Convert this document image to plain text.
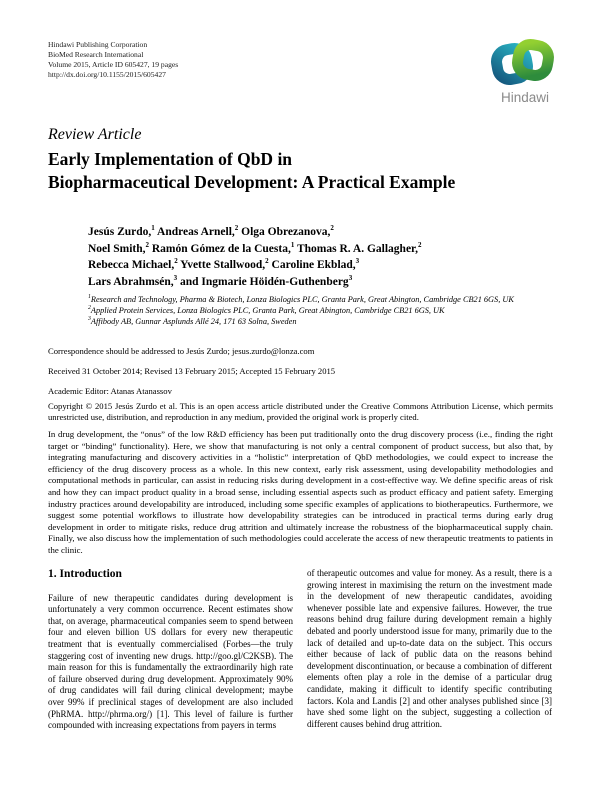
Hindawi Publishing Corporation
BioMed Research International
Volume 2015, Article ID 605427, 19 pages
http://dx.doi.org/10.1155/2015/605427
Hindawi
Review Article
Early Implementation of QbD in
Biopharmaceutical Development: A Practical Example
Jesús Zurdo,$^1$ Andreas Arnell,$^2$ Olga Obrezanova,$^2$
Noel Smith,$^2$ Ramón Gómez de la Cuesta,$^1$ Thomas R. A. Gallagher,$^2$
Rebecca Michael,$^2$ Yvette Stallwood,$^2$ Caroline Ekblad,$^3$
Lars Abrahmsén,$^3$ and Ingmarie Höidén-Guthenberg$^3$
$^1$Research and Technology, Pharma & Biotech, Lonza Biologics PLC, Granta Park, Great Abington, Cambridge CB21 6GS, UK
$^2$Applied Protein Services, Lonza Biologics PLC, Granta Park, Great Abington, Cambridge CB21 6GS, UK
$^3$Affibody AB, Gunnar Asplunds Allé 24, 171 63 Solna, Sweden
Correspondence should be addressed to Jesús Zurdo; jesus.zurdo@lonza.com
Received 31 October 2014; Revised 13 February 2015; Accepted 15 February 2015
Academic Editor: Atanas Atanassov
Copyright © 2015 Jesús Zurdo et al. This is an open access article distributed under the Creative Commons Attribution License, which permits unrestricted use, distribution, and reproduction in any medium, provided the original work is properly cited.
In drug development, the “onus” of the low R&D efficiency has been put traditionally onto the drug discovery process (i.e., finding the right target or “binding” functionality). Here, we show that manufacturing is not only a central component of product success, but also that, by integrating manufacturing and discovery activities in a “holistic” interpretation of QbD methodologies, we could expect to increase the efficiency of the drug discovery process as a whole. In this new context, early risk assessment, using developability methodologies and computational methods in particular, can assist in reducing risks during development in a cost-effective way. We define specific areas of risk and how they can impact product quality in a broad sense, including essential aspects such as product efficacy and patient safety. Emerging industry practices around developability are introduced, including some specific examples of applications to biotherapeutics. Furthermore, we suggest some potential workflows to illustrate how developability strategies can be introduced in practical terms during early drug development in order to mitigate risks, reduce drug attrition and ultimately increase the robustness of the biopharmaceutical supply chain. Finally, we also discuss how the implementation of such methodologies could accelerate the access of new therapeutic treatments to patients in the clinic.
1. Introduction
Failure of new therapeutic candidates during development is unfortunately a very common occurrence. Recent estimates show that, on average, pharmaceutical companies seem to spend between four and eleven billion US dollars for every new therapeutic treatment that is eventually commercialised (Forbes—the truly staggering cost of inventing new drugs. http://goo.gl/C2KSB). The main reason for this is fundamentally the extraordinarily high rate of failure observed during drug development. Approximately 90% of drug candidates will fail during clinical development; maybe over 99% if preclinical stages of development are also included (PhRMA. http://phrma.org/) [1]. This level of failure is further compounded with increasing expectations from payers in terms
of therapeutic outcomes and value for money. As a result, there is a growing interest in maximising the return on the investment made in the development of new therapeutic candidates, avoiding whenever possible late and expensive failures. However, the true reasons behind drug failure during development remain a highly debated and poorly understood issue for many, primarily due to the lack of detailed and up-to-date data on the subject. This occurs either because of lack of public data on the reasons behind development discontinuation, or because a combination of different elements often play a role in the demise of a particular drug candidate, making it difficult to identify specific contributing factors. Kola and Landis [2] and other analyses published since [3] have shed some light on the subject, suggesting a collection of different causes behind drug attrition.
